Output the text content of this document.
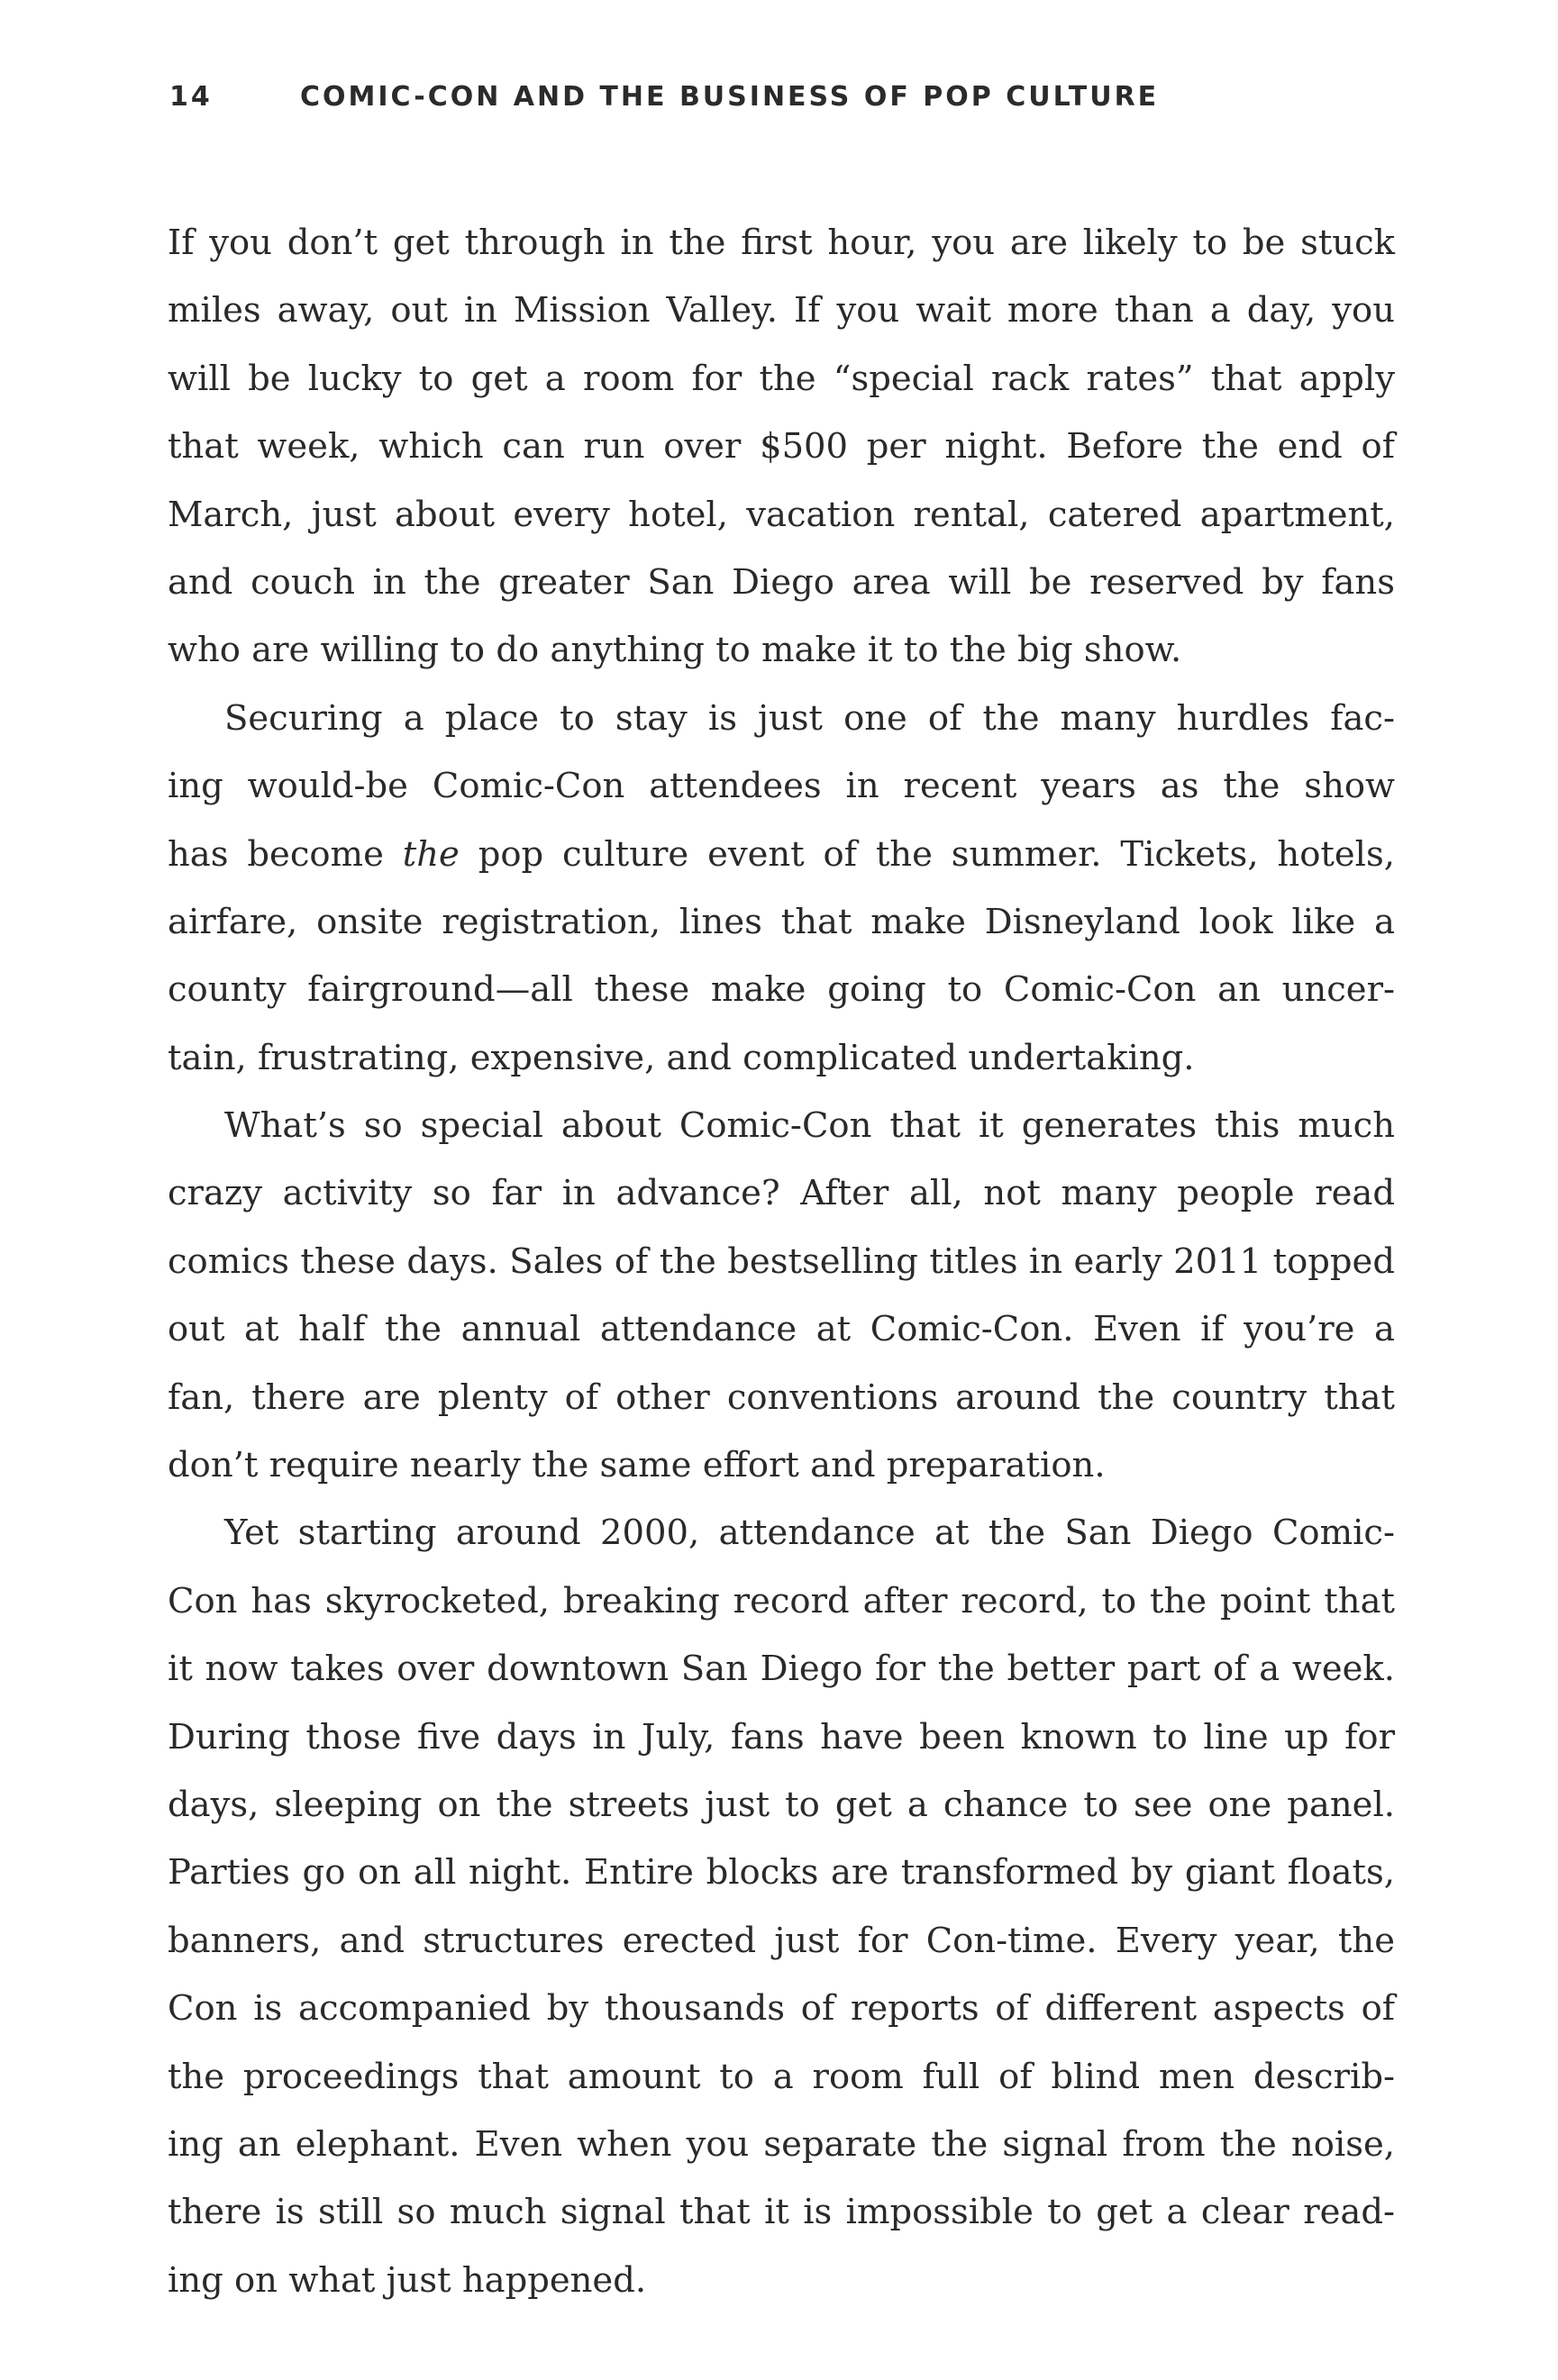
14	COMIC-CON AND THE BUSINESS OF POP CULTURE
If you don’t get through in the first hour, you are likely to be stuck
miles away, out in Mission Valley. If you wait more than a day, you
will be lucky to get a room for the “special rack rates” that apply
that week, which can run over $500 per night. Before the end of
March, just about every hotel, vacation rental, catered apartment,
and couch in the greater San Diego area will be reserved by fans
who are willing to do anything to make it to the big show.
Securing a place to stay is just one of the many hurdles fac-
ing would-be Comic-Con attendees in recent years as the show
has become the pop culture event of the summer. Tickets, hotels,
airfare, onsite registration, lines that make Disneyland look like a
county fairground—all these make going to Comic-Con an uncer-
tain, frustrating, expensive, and complicated undertaking.
What’s so special about Comic-Con that it generates this much
crazy activity so far in advance? After all, not many people read
comics these days. Sales of the bestselling titles in early 2011 topped
out at half the annual attendance at Comic-Con. Even if you’re a
fan, there are plenty of other conventions around the country that
don’t require nearly the same effort and preparation.
Yet starting around 2000, attendance at the San Diego Comic-
Con has skyrocketed, breaking record after record, to the point that
it now takes over downtown San Diego for the better part of a week.
During those five days in July, fans have been known to line up for
days, sleeping on the streets just to get a chance to see one panel.
Parties go on all night. Entire blocks are transformed by giant floats,
banners, and structures erected just for Con-time. Every year, the
Con is accompanied by thousands of reports of different aspects of
the proceedings that amount to a room full of blind men describ-
ing an elephant. Even when you separate the signal from the noise,
there is still so much signal that it is impossible to get a clear read-
ing on what just happened.
